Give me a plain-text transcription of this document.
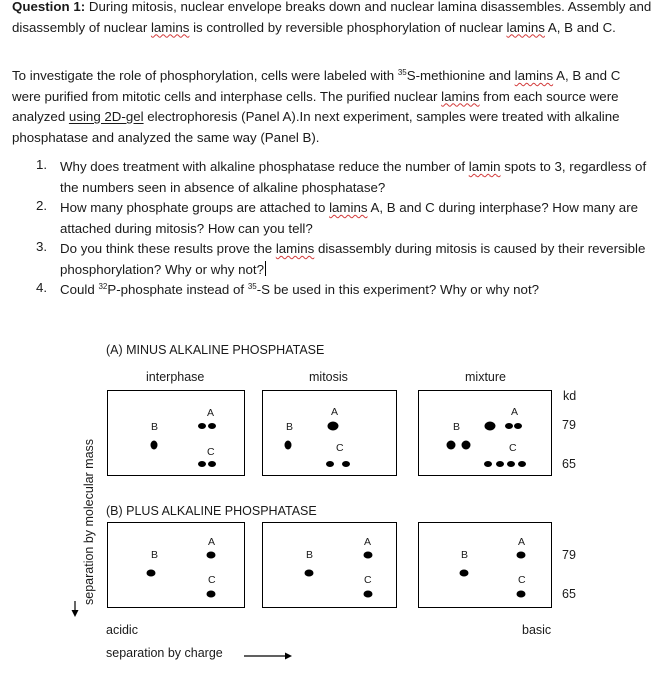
Question 1: During mitosis, nuclear envelope breaks down and nuclear lamina disassembles. Assembly and disassembly of nuclear lamins is controlled by reversible phosphorylation of nuclear lamins A, B and C.
To investigate the role of phosphorylation, cells were labeled with $^{35}$S-methionine and lamins A, B and C were purified from mitotic cells and interphase cells. The purified nuclear lamins from each source were analyzed using 2D-gel electrophoresis (Panel A).In next experiment, samples were treated with alkaline phosphatase and analyzed the same way (Panel B).
1. Why does treatment with alkaline phosphatase reduce the number of lamin spots to 3, regardless of the numbers seen in absence of alkaline phosphatase?
2. How many phosphate groups are attached to lamins A, B and C during interphase? How many are attached during mitosis? How can you tell?
3. Do you think these results prove the lamins disassembly during mitosis is caused by their reversible phosphorylation? Why or why not?
4. Could $^{32}$P-phosphate instead of $^{35}$-S be used in this experiment? Why or why not?
(A) MINUS ALKALINE PHOSPHATASE
interphase	mitosis	mixture
kd
79
65
(B) PLUS ALKALINE PHOSPHATASE
79
65
acidic	basic
separation by charge
separation by molecular mass
B
A
C
B
A
C
B
A
C
B
A
C
B
A
C
B
A
C
